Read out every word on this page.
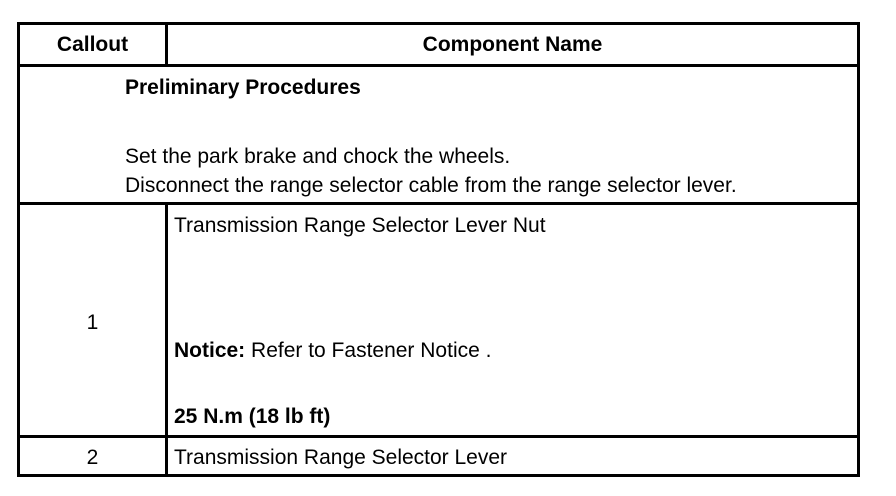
Callout	Component Name
Preliminary Procedures
Set the park brake and chock the wheels.
Disconnect the range selector cable from the range selector lever.
1
Transmission Range Selector Lever Nut
Notice: Refer to Fastener Notice .
25 N.m (18 lb ft)
2	Transmission Range Selector Lever
